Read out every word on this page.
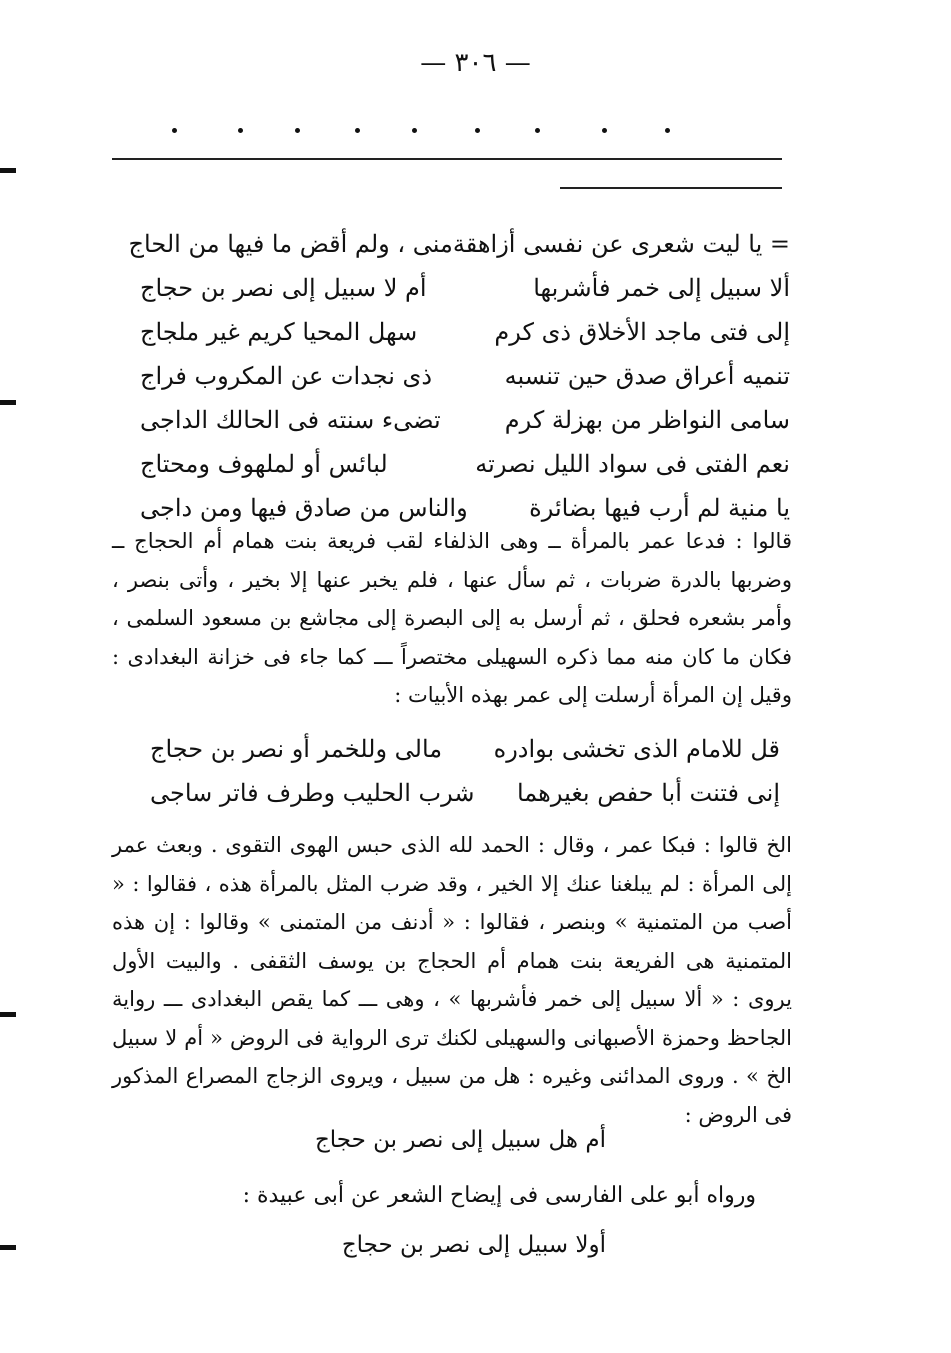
— ٣٠٦ —
= يا ليت شعرى عن نفسى أزاهقة
منى ، ولم أقض ما فيها من الحاج
ألا سبيل إلى خمر فأشربها
أم لا سبيل إلى نصر بن حجاج
إلى فتى ماجد الأخلاق ذى كرم
سهل المحيا كريم غير ملجاج
تنميه أعراق صدق حين تنسبه
ذى نجدات عن المكروب فراج
سامى النواظر من بهزلة كرم
تضىء سنته فى الحالك الداجى
نعم الفتى فى سواد الليل نصرته
لبائس أو لملهوف ومحتاج
يا منية لم أرب فيها بضائرة
والناس من صادق فيها ومن داجى

قالوا : فدعا عمر بالمرأة ــ وهى الذلفاء لقب فريعة بنت همام أم الحجاج ــ وضربها بالدرة ضربات ، ثم سأل عنها ، فلم يخبر عنها إلا بخير ، وأتى بنصر ، وأمر بشعره فحلق ، ثم أرسل به إلى البصرة إلى مجاشع بن مسعود السلمى ، فكان ما كان منه مما ذكره السهيلى مختصراً ـــ كما جاء فى خزانة البغدادى : وقيل إن المرأة أرسلت إلى عمر بهذه الأبيات :

قل للامام الذى تخشى بوادره
مالى وللخمر أو نصر بن حجاج
إنى فتنت أبا حفص بغيرهما
شرب الحليب وطرف فاتر ساجى

الخ قالوا : فبكا عمر ، وقال : الحمد لله الذى حبس الهوى التقوى . وبعث عمر إلى المرأة : لم يبلغنا عنك إلا الخير ، وقد ضرب المثل بالمرأة هذه ، فقالوا : « أصب من المتمنية » وبنصر ، فقالوا : « أدنف من المتمنى » وقالوا : إن هذه المتمنية هى الفريعة بنت همام أم الحجاج بن يوسف الثقفى . والبيت الأول يروى : « ألا سبيل إلى خمر فأشربها » ، وهى ـــ كما يقص البغدادى ـــ رواية الجاحظ وحمزة الأصبهانى والسهيلى لكنك ترى الرواية فى الروض « أم لا سبيل الخ » . وروى المدائنى وغيره : هل من سبيل ، ويروى الزجاج المصراع المذكور فى الروض :

أم هل سبيل إلى نصر بن حجاج
ورواه أبو على الفارسى فى إيضاح الشعر عن أبى عبيدة :
أولا سبيل إلى نصر بن حجاج
